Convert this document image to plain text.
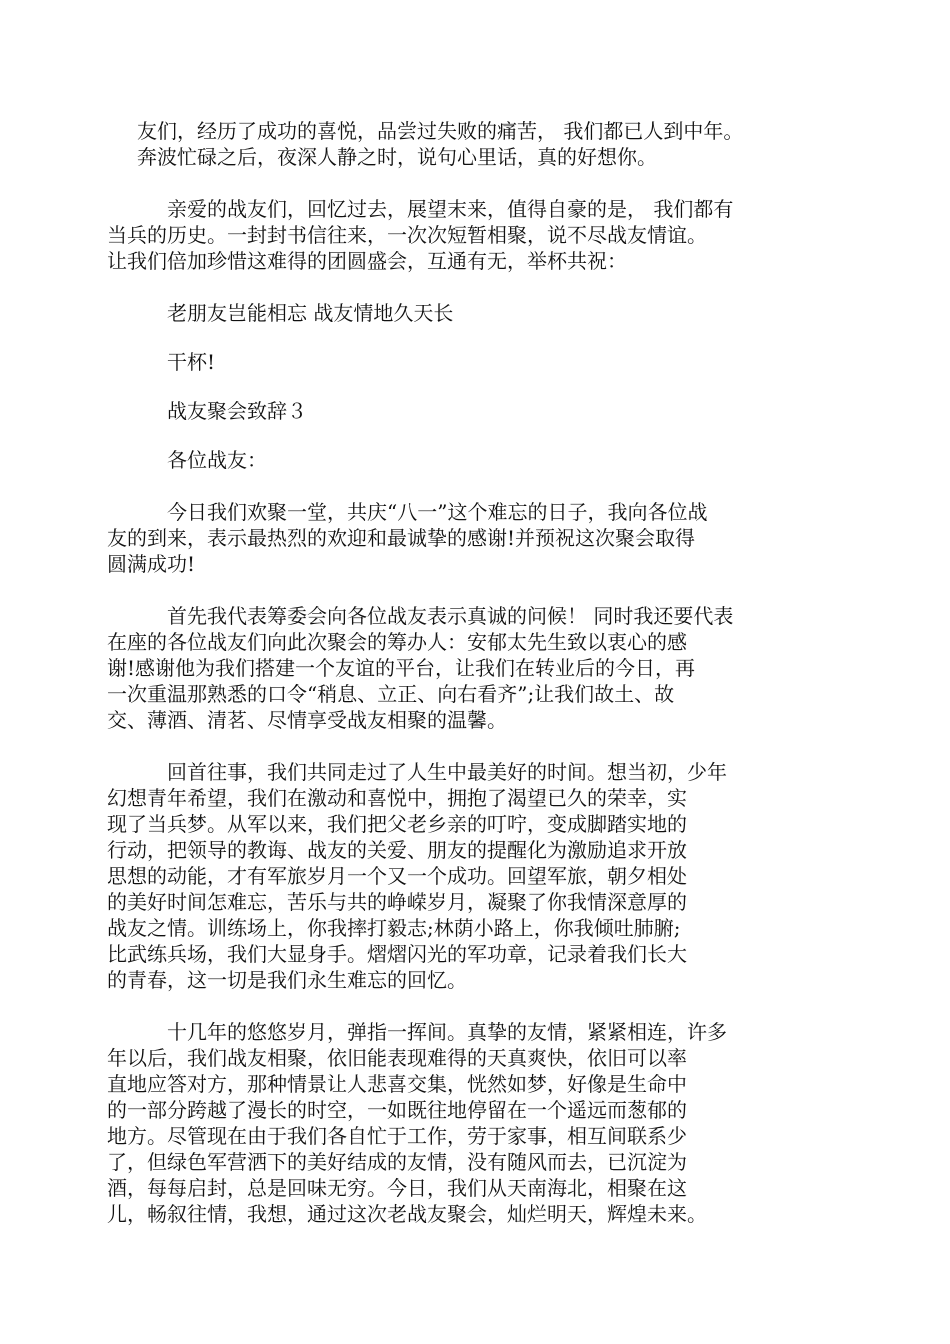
友们，经历了成功的喜悦，品尝过失败的痛苦， 我们都已人到中年。
奔波忙碌之后，夜深人静之时，说句心里话，真的好想你。
亲爱的战友们，回忆过去，展望末来，值得自豪的是， 我们都有
当兵的历史。一封封书信往来，一次次短暂相聚，说不尽战友情谊。
让我们倍加珍惜这难得的团圆盛会，互通有无，举杯共祝：
老朋友岂能相忘 战友情地久天长
干杯!
战友聚会致辞３
各位战友：
今日我们欢聚一堂，共庆“八一”这个难忘的日子，我向各位战
友的到来，表示最热烈的欢迎和最诚挚的感谢!并预祝这次聚会取得
圆满成功!
首先我代表筹委会向各位战友表示真诚的问候！ 同时我还要代表
在座的各位战友们向此次聚会的筹办人：安郁太先生致以衷心的感
谢!感谢他为我们搭建一个友谊的平台，让我们在转业后的今日，再
一次重温那熟悉的口令“稍息、立正、向右看齐”;让我们故土、故
交、薄酒、清茗、尽情享受战友相聚的温馨。
回首往事，我们共同走过了人生中最美好的时间。想当初，少年
幻想青年希望，我们在激动和喜悦中，拥抱了渴望已久的荣幸，实
现了当兵梦。从军以来，我们把父老乡亲的叮咛，变成脚踏实地的
行动，把领导的教诲、战友的关爱、朋友的提醒化为激励追求开放
思想的动能，才有军旅岁月一个又一个成功。回望军旅，朝夕相处
的美好时间怎难忘，苦乐与共的峥嵘岁月，凝聚了你我情深意厚的
战友之情。训练场上，你我摔打毅志;林荫小路上，你我倾吐肺腑;
比武练兵场，我们大显身手。熠熠闪光的军功章，记录着我们长大
的青春，这一切是我们永生难忘的回忆。
十几年的悠悠岁月，弹指一挥间。真挚的友情，紧紧相连，许多
年以后，我们战友相聚，依旧能表现难得的天真爽快，依旧可以率
直地应答对方，那种情景让人悲喜交集，恍然如梦，好像是生命中
的一部分跨越了漫长的时空，一如既往地停留在一个遥远而葱郁的
地方。尽管现在由于我们各自忙于工作，劳于家事，相互间联系少
了，但绿色军营洒下的美好结成的友情，没有随风而去，已沉淀为
酒，每每启封，总是回味无穷。今日，我们从天南海北，相聚在这
儿，畅叙往情，我想，通过这次老战友聚会，灿烂明天，辉煌未来。
